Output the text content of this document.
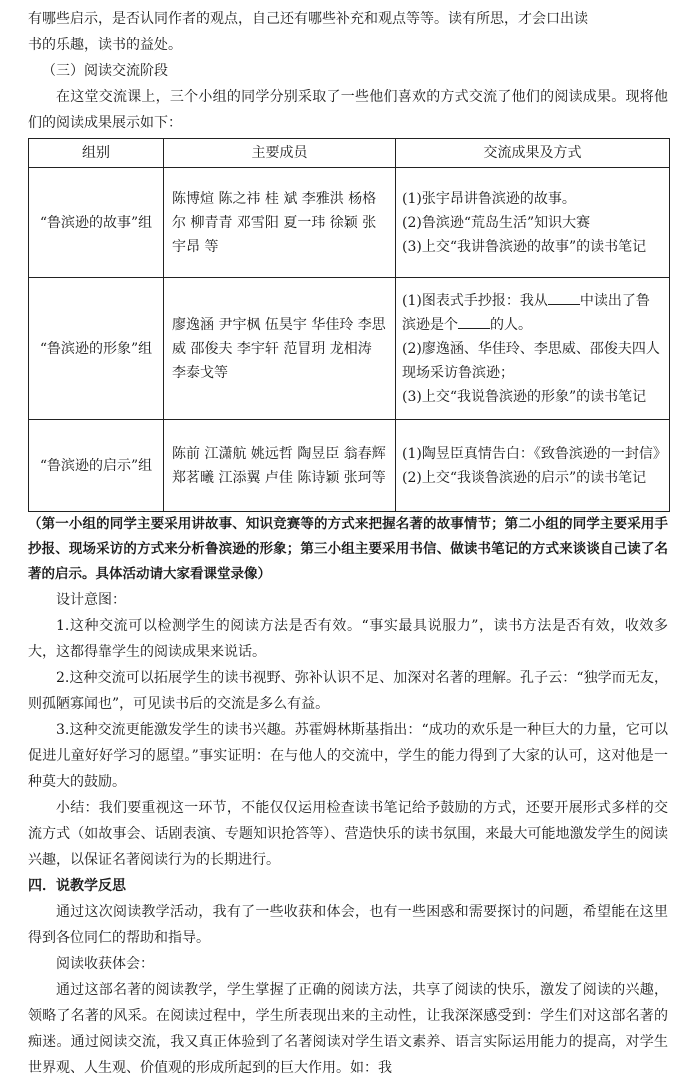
有哪些启示，是否认同作者的观点，自己还有哪些补充和观点等等。读有所思，才会口出读

书的乐趣，读书的益处。

（三）阅读交流阶段

在这堂交流课上，三个小组的同学分别采取了一些他们喜欢的方式交流了他们的阅读成果。现将他们的阅读成果展示如下：

组别	主要成员	交流成果及方式
“鲁滨逊的故事”组	陈博煊 陈之祎 桂 斌 李雅洪 杨格尔 柳青青 邓雪阳 夏一玮 徐颖 张宇昂 等	(1)张宇昂讲鲁滨逊的故事。
(2)鲁滨逊“荒岛生活”知识大赛
(3)上交“我讲鲁滨逊的故事”的读书笔记

“鲁滨逊的形象”组	廖逸涵 尹宇枫 伍昊宇 华佳玲 李思威 邵俊夫 李宇轩 范冒玥 龙相涛 李泰戈等	(1)图表式手抄报：我从 中读出了鲁滨逊是个 的人。
(2)廖逸涵、华佳玲、李思威、邵俊夫四人现场采访鲁滨逊；
(3)上交“我说鲁滨逊的形象”的读书笔记

“鲁滨逊的启示”组	陈前 江潇航 姚远哲 陶昱臣 翁春辉 郑茗曦 江添翼 卢佳 陈诗颖 张珂等	(1)陶昱臣真情告白：《致鲁滨逊的一封信》
(2)上交“我谈鲁滨逊的启示”的读书笔记

（第一小组的同学主要采用讲故事、知识竞赛等的方式来把握名著的故事情节；第二小组的同学主要采用手抄报、现场采访的方式来分析鲁滨逊的形象；第三小组主要采用书信、做读书笔记的方式来谈谈自己读了名著的启示。具体活动请大家看课堂录像）

设计意图：

1.这种交流可以检测学生的阅读方法是否有效。“事实最具说服力”，读书方法是否有效，收效多大，这都得靠学生的阅读成果来说话。

2.这种交流可以拓展学生的读书视野、弥补认识不足、加深对名著的理解。孔子云：“独学而无友，则孤陋寡闻也”，可见读书后的交流是多么有益。

3.这种交流更能激发学生的读书兴趣。苏霍姆林斯基指出：“成功的欢乐是一种巨大的力量，它可以促进儿童好好学习的愿望。”事实证明：在与他人的交流中，学生的能力得到了大家的认可，这对他是一种莫大的鼓励。

小结：我们要重视这一环节，不能仅仅运用检查读书笔记给予鼓励的方式，还要开展形式多样的交流方式（如故事会、话剧表演、专题知识抢答等）、营造快乐的读书氛围，来最大可能地激发学生的阅读兴趣，以保证名著阅读行为的长期进行。

四．说教学反思

通过这次阅读教学活动，我有了一些收获和体会，也有一些困惑和需要探讨的问题，希望能在这里得到各位同仁的帮助和指导。

阅读收获体会：

通过这部名著的阅读教学，学生掌握了正确的阅读方法，共享了阅读的快乐，激发了阅读的兴趣，领略了名著的风采。在阅读过程中，学生所表现出来的主动性，让我深深感受到：学生们对这部名著的痴迷。通过阅读交流，我又真正体验到了名著阅读对学生语文素养、语言实际运用能力的提高，对学生世界观、人生观、价值观的形成所起到的巨大作用。如：我
